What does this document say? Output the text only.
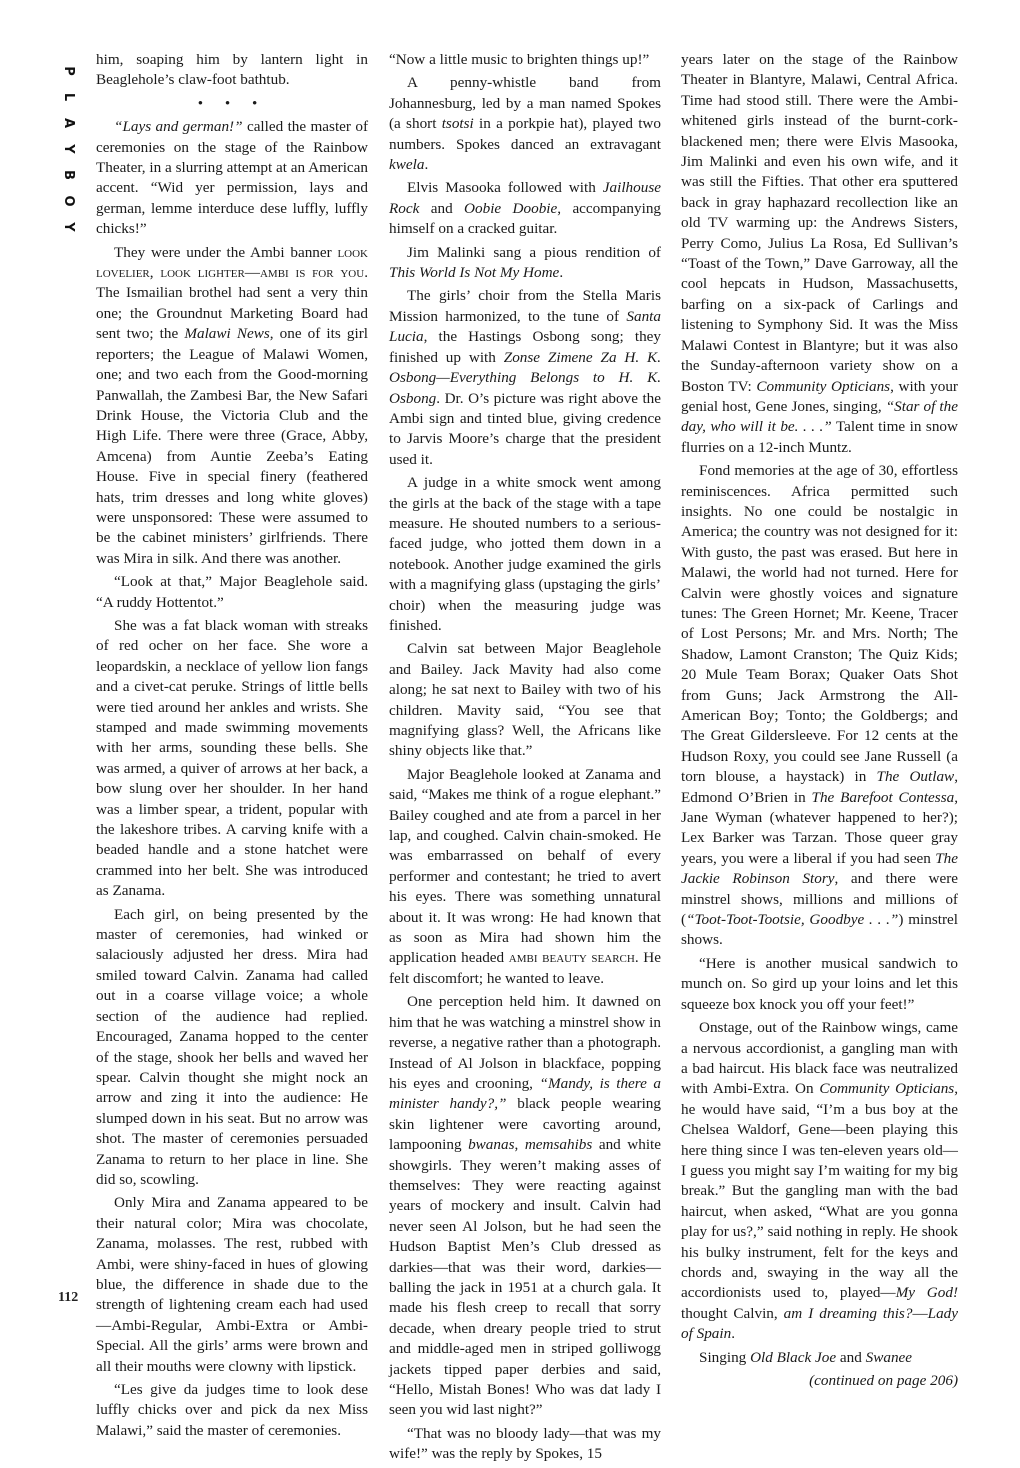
P
L
A
Y
B
O
Y
112

him, soaping him by lantern light in Beaglehole’s claw-foot bathtub.

• • •

“Lays and german!” called the master of ceremonies on the stage of the Rainbow Theater, in a slurring attempt at an American accent. “Wid yer permission, lays and german, lemme interduce dese luffly, luffly chicks!”

They were under the Ambi banner look lovelier, look lighter—ambi is for you. The Ismailian brothel had sent a very thin one; the Groundnut Marketing Board had sent two; the Malawi News, one of its girl reporters; the League of Malawi Women, one; and two each from the Good-morning Panwallah, the Zambesi Bar, the New Safari Drink House, the Victoria Club and the High Life. There were three (Grace, Abby, Amcena) from Auntie Zeeba’s Eating House. Five in special finery (feathered hats, trim dresses and long white gloves) were unsponsored: These were assumed to be the cabinet ministers’ girlfriends. There was Mira in silk. And there was another.

“Look at that,” Major Beaglehole said. “A ruddy Hottentot.”

She was a fat black woman with streaks of red ocher on her face. She wore a leopardskin, a necklace of yellow lion fangs and a civet-cat peruke. Strings of little bells were tied around her ankles and wrists. She stamped and made swimming movements with her arms, sounding these bells. She was armed, a quiver of arrows at her back, a bow slung over her shoulder. In her hand was a limber spear, a trident, popular with the lakeshore tribes. A carving knife with a beaded handle and a stone hatchet were crammed into her belt. She was introduced as Zanama.

Each girl, on being presented by the master of ceremonies, had winked or salaciously adjusted her dress. Mira had smiled toward Calvin. Zanama had called out in a coarse village voice; a whole section of the audience had replied. Encouraged, Zanama hopped to the center of the stage, shook her bells and waved her spear. Calvin thought she might nock an arrow and zing it into the audience: He slumped down in his seat. But no arrow was shot. The master of ceremonies persuaded Zanama to return to her place in line. She did so, scowling.

Only Mira and Zanama appeared to be their natural color; Mira was chocolate, Zanama, molasses. The rest, rubbed with Ambi, were shiny-faced in hues of glowing blue, the difference in shade due to the strength of lightening cream each had used—Ambi-Regular, Ambi-Extra or Ambi-Special. All the girls’ arms were brown and all their mouths were clowny with lipstick.

“Les give da judges time to look dese luffly chicks over and pick da nex Miss Malawi,” said the master of ceremonies.

“Now a little music to brighten things up!”

A penny-whistle band from Johannesburg, led by a man named Spokes (a short tsotsi in a porkpie hat), played two numbers. Spokes danced an extravagant kwela.

Elvis Masooka followed with Jailhouse Rock and Oobie Doobie, accompanying himself on a cracked guitar.

Jim Malinki sang a pious rendition of This World Is Not My Home.

The girls’ choir from the Stella Maris Mission harmonized, to the tune of Santa Lucia, the Hastings Osbong song; they finished up with Zonse Zimene Za H. K. Osbong—Everything Belongs to H. K. Osbong. Dr. O’s picture was right above the Ambi sign and tinted blue, giving credence to Jarvis Moore’s charge that the president used it.

A judge in a white smock went among the girls at the back of the stage with a tape measure. He shouted numbers to a serious-faced judge, who jotted them down in a notebook. Another judge examined the girls with a magnifying glass (upstaging the girls’ choir) when the measuring judge was finished.

Calvin sat between Major Beaglehole and Bailey. Jack Mavity had also come along; he sat next to Bailey with two of his children. Mavity said, “You see that magnifying glass? Well, the Africans like shiny objects like that.”

Major Beaglehole looked at Zanama and said, “Makes me think of a rogue elephant.” Bailey coughed and ate from a parcel in her lap, and coughed. Calvin chain-smoked. He was embarrassed on behalf of every performer and contestant; he tried to avert his eyes. There was something unnatural about it. It was wrong: He had known that as soon as Mira had shown him the application headed ambi beauty search. He felt discomfort; he wanted to leave.

One perception held him. It dawned on him that he was watching a minstrel show in reverse, a negative rather than a photograph. Instead of Al Jolson in blackface, popping his eyes and crooning, “Mandy, is there a minister handy?,” black people wearing skin lightener were cavorting around, lampooning bwanas, memsahibs and white showgirls. They weren’t making asses of themselves: They were reacting against years of mockery and insult. Calvin had never seen Al Jolson, but he had seen the Hudson Baptist Men’s Club dressed as darkies—that was their word, darkies—balling the jack in 1951 at a church gala. It made his flesh creep to recall that sorry decade, when dreary people tried to strut and middle-aged men in striped golliwogg jackets tipped paper derbies and said, “Hello, Mistah Bones! Who was dat lady I seen you wid last night?”

“That was no bloody lady—that was my wife!” was the reply by Spokes, 15

years later on the stage of the Rainbow Theater in Blantyre, Malawi, Central Africa. Time had stood still. There were the Ambi-whitened girls instead of the burnt-cork-blackened men; there were Elvis Masooka, Jim Malinki and even his own wife, and it was still the Fifties. That other era sputtered back in gray haphazard recollection like an old TV warming up: the Andrews Sisters, Perry Como, Julius La Rosa, Ed Sullivan’s “Toast of the Town,” Dave Garroway, all the cool hepcats in Hudson, Massachusetts, barfing on a six-pack of Carlings and listening to Symphony Sid. It was the Miss Malawi Contest in Blantyre; but it was also the Sunday-afternoon variety show on a Boston TV: Community Opticians, with your genial host, Gene Jones, singing, “Star of the day, who will it be. . . .” Talent time in snow flurries on a 12-inch Muntz.

Fond memories at the age of 30, effortless reminiscences. Africa permitted such insights. No one could be nostalgic in America; the country was not designed for it: With gusto, the past was erased. But here in Malawi, the world had not turned. Here for Calvin were ghostly voices and signature tunes: The Green Hornet; Mr. Keene, Tracer of Lost Persons; Mr. and Mrs. North; The Shadow, Lamont Cranston; The Quiz Kids; 20 Mule Team Borax; Quaker Oats Shot from Guns; Jack Armstrong the All-American Boy; Tonto; the Goldbergs; and The Great Gildersleeve. For 12 cents at the Hudson Roxy, you could see Jane Russell (a torn blouse, a haystack) in The Outlaw, Edmond O’Brien in The Barefoot Contessa, Jane Wyman (whatever happened to her?); Lex Barker was Tarzan. Those queer gray years, you were a liberal if you had seen The Jackie Robinson Story, and there were minstrel shows, millions and millions of (“Toot-Toot-Tootsie, Goodbye . . .”) minstrel shows.

“Here is another musical sandwich to munch on. So gird up your loins and let this squeeze box knock you off your feet!”

Onstage, out of the Rainbow wings, came a nervous accordionist, a gangling man with a bad haircut. His black face was neutralized with Ambi-Extra. On Community Opticians, he would have said, “I’m a bus boy at the Chelsea Waldorf, Gene—been playing this here thing since I was ten-eleven years old—I guess you might say I’m waiting for my big break.” But the gangling man with the bad haircut, when asked, “What are you gonna play for us?,” said nothing in reply. He shook his bulky instrument, felt for the keys and chords and, swaying in the way all the accordionists used to, played—My God! thought Calvin, am I dreaming this?—Lady of Spain.

Singing Old Black Joe and Swanee

(continued on page 206)
